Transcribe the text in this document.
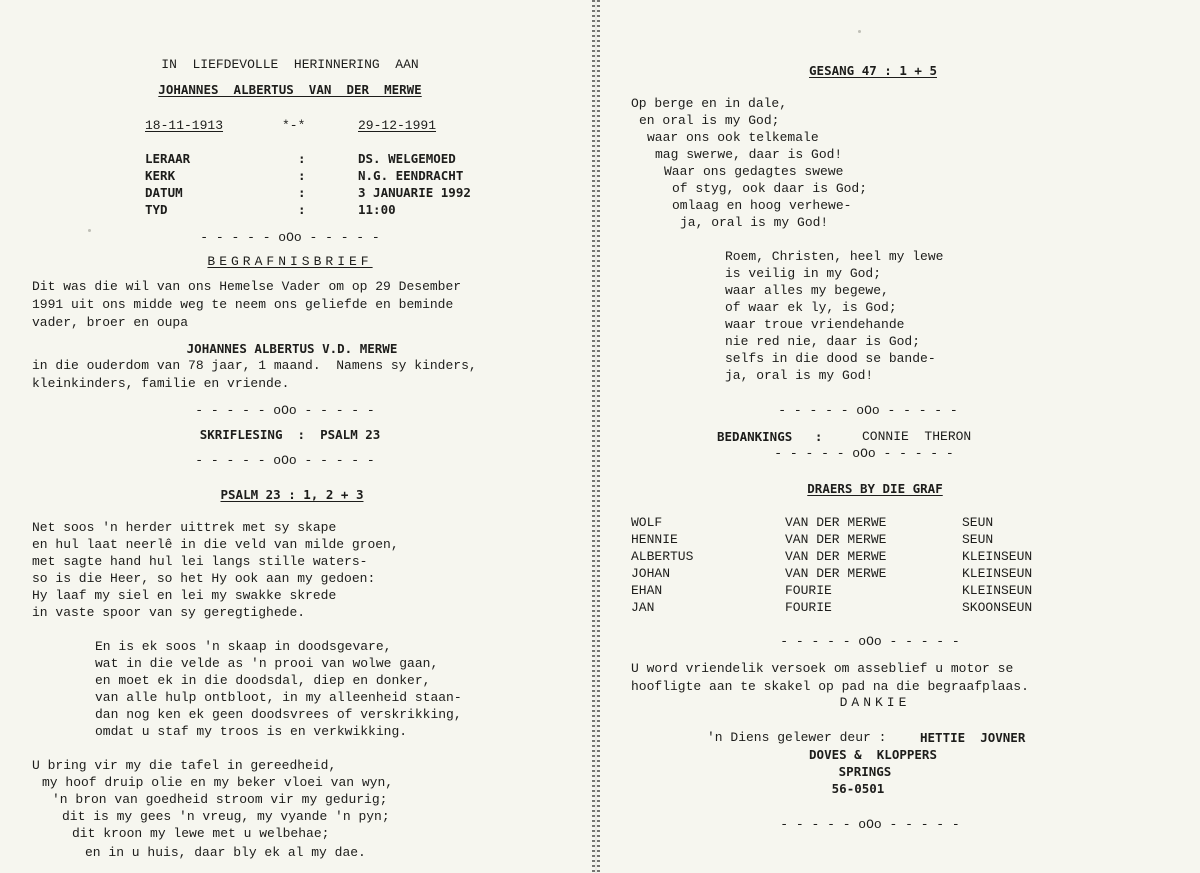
IN  LIEFDEVOLLE  HERINNERING  AAN
JOHANNES  ALBERTUS  VAN  DER  MERWE
18-11-1913	*-*	29-12-1991
LERAAR	:	DS. WELGEMOED
KERK	:	N.G. EENDRACHT
DATUM	:	3 JANUARIE 1992
TYD	:	11:00
- - - - - oOo - - - - -
BEGRAFNISBRIEF
Dit was die wil van ons Hemelse Vader om op 29 Desember
1991 uit ons midde weg te neem ons geliefde en beminde
vader, broer en oupa
JOHANNES ALBERTUS V.D. MERWE
in die ouderdom van 78 jaar, 1 maand.  Namens sy kinders,
kleinkinders, familie en vriende.
- - - - - oOo - - - - -
SKRIFLESING  :  PSALM 23
- - - - - oOo - - - - -
PSALM 23 : 1, 2 + 3
Net soos 'n herder uittrek met sy skape
en hul laat neerlê in die veld van milde groen,
met sagte hand hul lei langs stille waters-
so is die Heer, so het Hy ook aan my gedoen:
Hy laaf my siel en lei my swakke skrede
in vaste spoor van sy geregtighede.
En is ek soos 'n skaap in doodsgevare,
wat in die velde as 'n prooi van wolwe gaan,
en moet ek in die doodsdal, diep en donker,
van alle hulp ontbloot, in my alleenheid staan-
dan nog ken ek geen doodsvrees of verskrikking,
omdat u staf my troos is en verkwikking.
U bring vir my die tafel in gereedheid,
my hoof druip olie en my beker vloei van wyn,
'n bron van goedheid stroom vir my gedurig;
dit is my gees 'n vreug, my vyande 'n pyn;
dit kroon my lewe met u welbehae;
en in u huis, daar bly ek al my dae.
GESANG 47 : 1 + 5
Op berge en in dale,
en oral is my God;
waar ons ook telkemale
mag swerwe, daar is God!
Waar ons gedagtes swewe
of styg, ook daar is God;
omlaag en hoog verhewe-
ja, oral is my God!
Roem, Christen, heel my lewe
is veilig in my God;
waar alles my begewe,
of waar ek ly, is God;
waar troue vriendehande
nie red nie, daar is God;
selfs in die dood se bande-
ja, oral is my God!
- - - - - oOo - - - - -
BEDANKINGS   :	CONNIE  THERON
- - - - - oOo - - - - -
DRAERS BY DIE GRAF
WOLF	VAN DER MERWE	SEUN
HENNIE	VAN DER MERWE	SEUN
ALBERTUS	VAN DER MERWE	KLEINSEUN
JOHAN	VAN DER MERWE	KLEINSEUN
EHAN	FOURIE	KLEINSEUN
JAN	FOURIE	SKOONSEUN
- - - - - oOo - - - - -
U word vriendelik versoek om asseblief u motor se
hoofligte aan te skakel op pad na die begraafplaas.
DANKIE
'n Diens gelewer deur :	HETTIE  JOVNER
DOVES &  KLOPPERS
SPRINGS
56-0501
- - - - - oOo - - - - -
